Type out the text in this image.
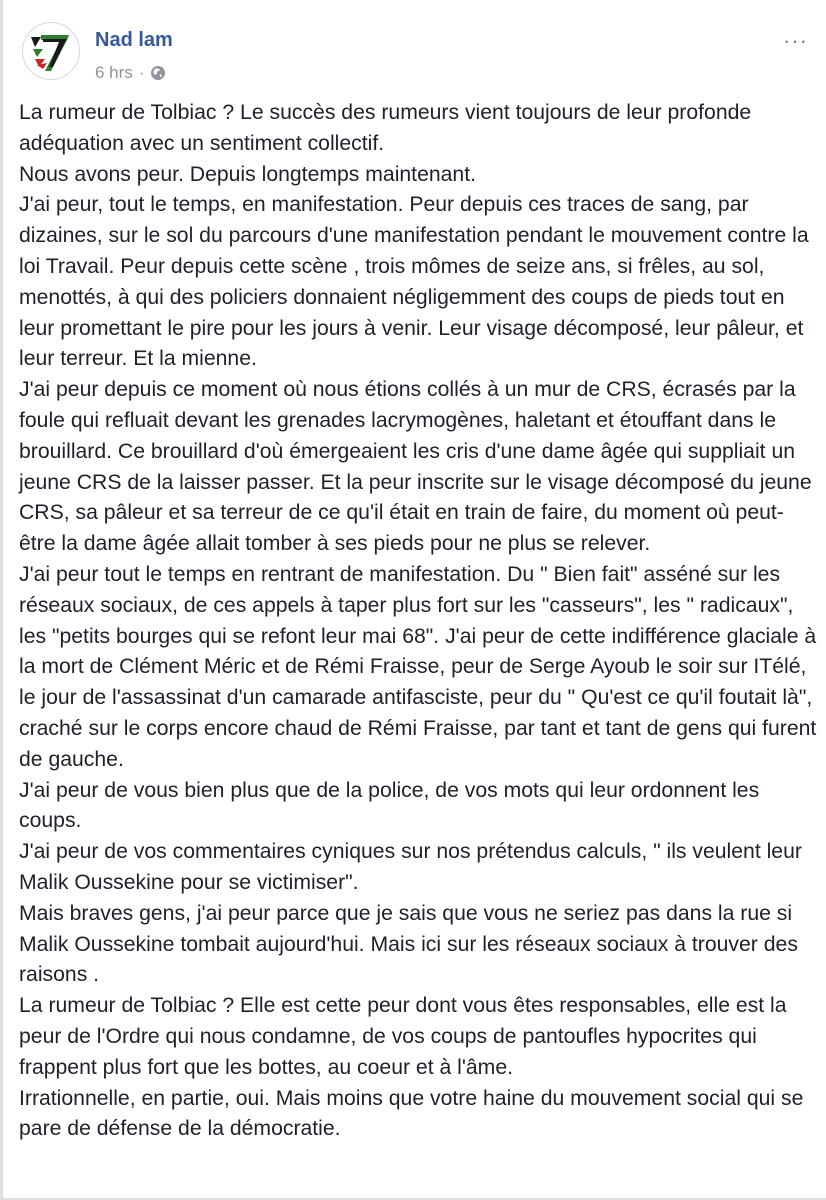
Nad lam
6 hrs ·
···

La rumeur de Tolbiac ? Le succès des rumeurs vient toujours de leur profonde adéquation avec un sentiment collectif.

Nous avons peur. Depuis longtemps maintenant.

J'ai peur, tout le temps, en manifestation. Peur depuis ces traces de sang, par dizaines, sur le sol du parcours d'une manifestation pendant le mouvement contre la loi Travail. Peur depuis cette scène , trois mômes de seize ans, si frêles, au sol, menottés, à qui des policiers donnaient négligemment des coups de pieds tout en leur promettant le pire pour les jours à venir. Leur visage décomposé, leur pâleur, et leur terreur. Et la mienne.

J'ai peur depuis ce moment où nous étions collés à un mur de CRS, écrasés par la foule qui refluait devant les grenades lacrymogènes, haletant et étouffant dans le brouillard. Ce brouillard d'où émergeaient les cris d'une dame âgée qui suppliait un jeune CRS de la laisser passer. Et la peur inscrite sur le visage décomposé du jeune CRS, sa pâleur et sa terreur de ce qu'il était en train de faire, du moment où peut-être la dame âgée allait tomber à ses pieds pour ne plus se relever.

J'ai peur tout le temps en rentrant de manifestation. Du " Bien fait" asséné sur les réseaux sociaux, de ces appels à taper plus fort sur les "casseurs", les " radicaux", les "petits bourges qui se refont leur mai 68". J'ai peur de cette indifférence glaciale à la mort de Clément Méric et de Rémi Fraisse, peur de Serge Ayoub le soir sur ITélé, le jour de l'assassinat d'un camarade antifasciste, peur du " Qu'est ce qu'il foutait là", craché sur le corps encore chaud de Rémi Fraisse, par tant et tant de gens qui furent de gauche.

J'ai peur de vous bien plus que de la police, de vos mots qui leur ordonnent les coups.

J'ai peur de vos commentaires cyniques sur nos prétendus calculs, " ils veulent leur Malik Oussekine pour se victimiser".

Mais braves gens, j'ai peur parce que je sais que vous ne seriez pas dans la rue si Malik Oussekine tombait aujourd'hui. Mais ici sur les réseaux sociaux à trouver des raisons .

La rumeur de Tolbiac ? Elle est cette peur dont vous êtes responsables, elle est la peur de l'Ordre qui nous condamne, de vos coups de pantoufles hypocrites qui frappent plus fort que les bottes, au coeur et à l'âme.

Irrationnelle, en partie, oui. Mais moins que votre haine du mouvement social qui se pare de défense de la démocratie.
